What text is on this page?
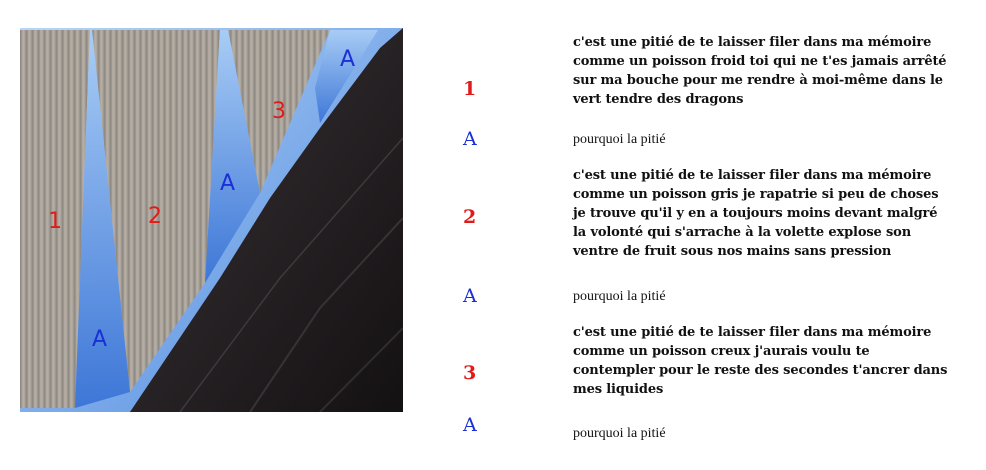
1	2
3
A
A
A
1
c'est une pitié de te laisser filer dans ma mémoire
comme un poisson froid toi qui ne t'es jamais arrêté
sur ma bouche pour me rendre à moi-même dans le
vert tendre des dragons
A	pourquoi la pitié
2
c'est une pitié de te laisser filer dans ma mémoire
comme un poisson gris je rapatrie si peu de choses
je trouve qu'il y en a toujours moins devant malgré
la volonté qui s'arrache à la volette explose son
ventre de fruit sous nos mains sans pression
A	pourquoi la pitié
3
c'est une pitié de te laisser filer dans ma mémoire
comme un poisson creux j'aurais voulu te
contempler pour le reste des secondes t'ancrer dans
mes liquides
A	pourquoi la pitié
